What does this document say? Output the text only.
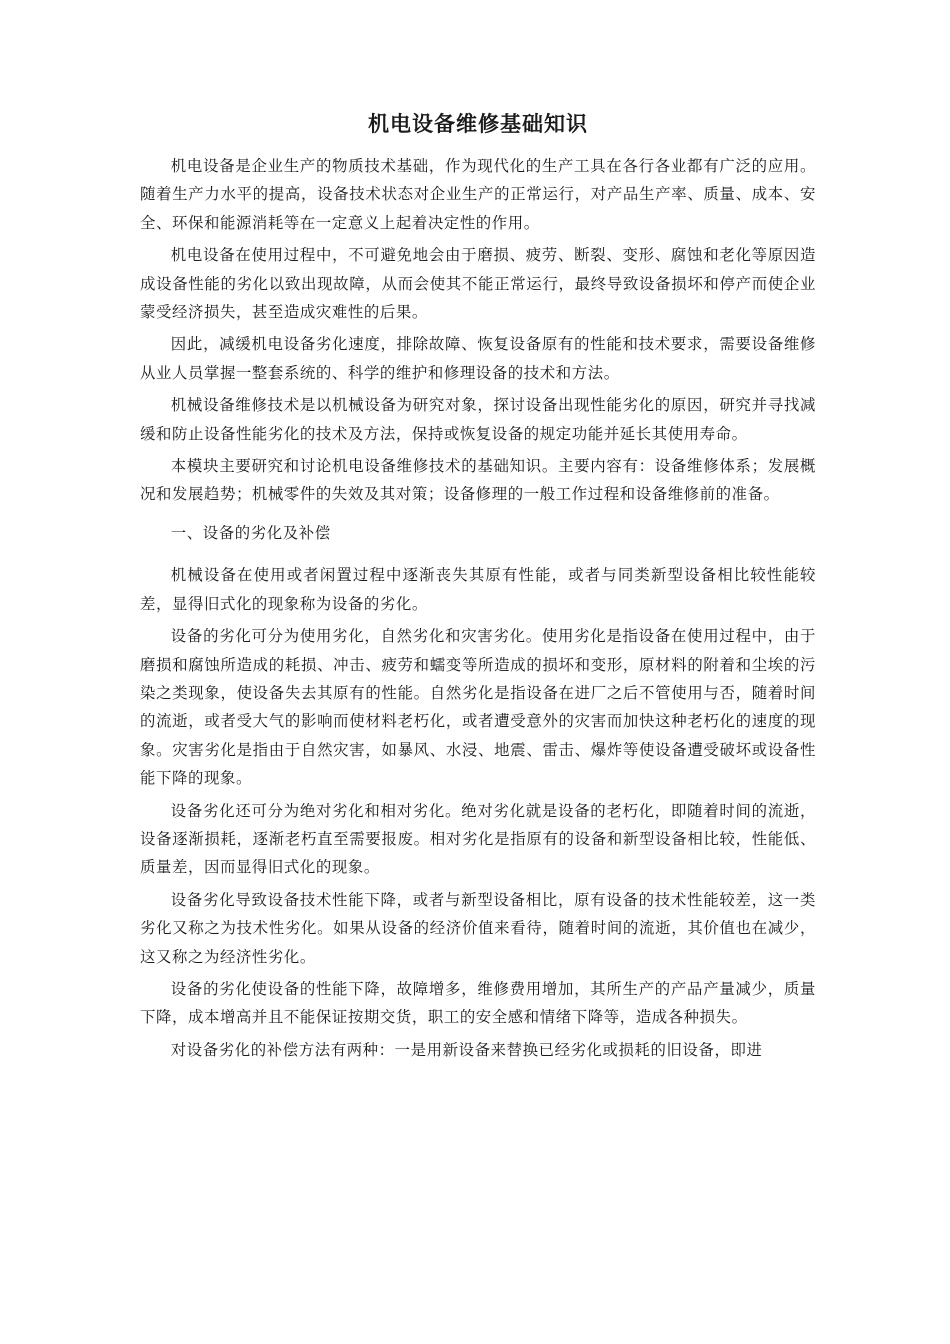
机电设备维修基础知识

机电设备是企业生产的物质技术基础，作为现代化的生产工具在各行各业都有广泛的应用。随着生产力水平的提高，设备技术状态对企业生产的正常运行，对产品生产率、质量、成本、安全、环保和能源消耗等在一定意义上起着决定性的作用。

机电设备在使用过程中，不可避免地会由于磨损、疲劳、断裂、变形、腐蚀和老化等原因造成设备性能的劣化以致出现故障，从而会使其不能正常运行，最终导致设备损坏和停产而使企业蒙受经济损失，甚至造成灾难性的后果。

因此，减缓机电设备劣化速度，排除故障、恢复设备原有的性能和技术要求，需要设备维修从业人员掌握一整套系统的、科学的维护和修理设备的技术和方法。

机械设备维修技术是以机械设备为研究对象，探讨设备出现性能劣化的原因，研究并寻找减缓和防止设备性能劣化的技术及方法，保持或恢复设备的规定功能并延长其使用寿命。

本模块主要研究和讨论机电设备维修技术的基础知识。主要内容有：设备维修体系；发展概况和发展趋势；机械零件的失效及其对策；设备修理的一般工作过程和设备维修前的准备。

一、设备的劣化及补偿

机械设备在使用或者闲置过程中逐渐丧失其原有性能，或者与同类新型设备相比较性能较差，显得旧式化的现象称为设备的劣化。

设备的劣化可分为使用劣化，自然劣化和灾害劣化。使用劣化是指设备在使用过程中，由于磨损和腐蚀所造成的耗损、冲击、疲劳和蠕变等所造成的损坏和变形，原材料的附着和尘埃的污染之类现象，使设备失去其原有的性能。自然劣化是指设备在进厂之后不管使用与否，随着时间的流逝，或者受大气的影响而使材料老朽化，或者遭受意外的灾害而加快这种老朽化的速度的现象。灾害劣化是指由于自然灾害，如暴风、水浸、地震、雷击、爆炸等使设备遭受破坏或设备性能下降的现象。

设备劣化还可分为绝对劣化和相对劣化。绝对劣化就是设备的老朽化，即随着时间的流逝，设备逐渐损耗，逐渐老朽直至需要报废。相对劣化是指原有的设备和新型设备相比较，性能低、质量差，因而显得旧式化的现象。

设备劣化导致设备技术性能下降，或者与新型设备相比，原有设备的技术性能较差，这一类劣化又称之为技术性劣化。如果从设备的经济价值来看待，随着时间的流逝，其价值也在减少，这又称之为经济性劣化。

设备的劣化使设备的性能下降，故障增多，维修费用增加，其所生产的产品产量减少，质量下降，成本增高并且不能保证按期交货，职工的安全感和情绪下降等，造成各种损失。

对设备劣化的补偿方法有两种：一是用新设备来替换已经劣化或损耗的旧设备，即进
